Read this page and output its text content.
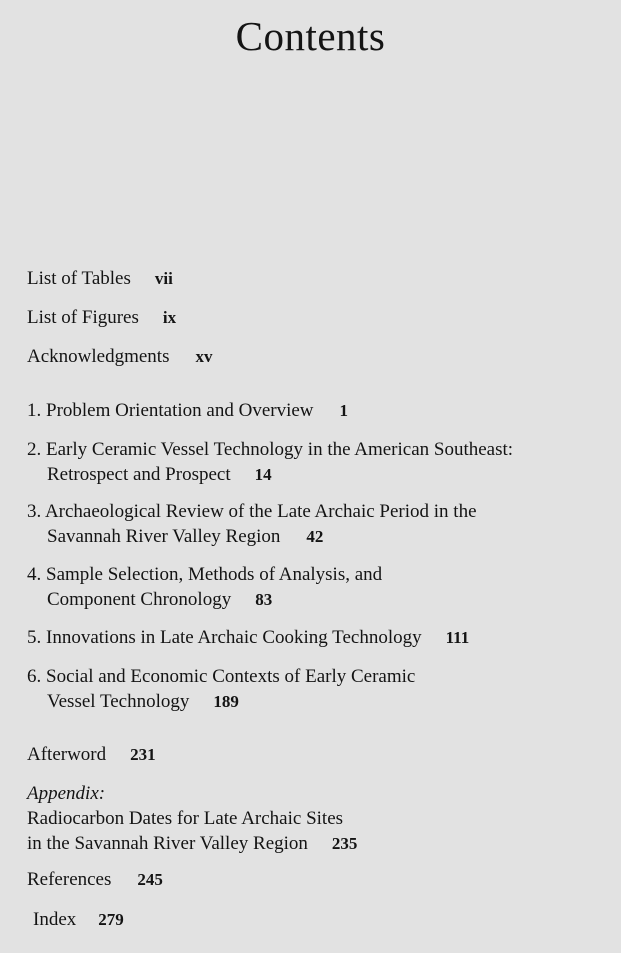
Contents
List of Tables vii
List of Figures ix
Acknowledgments xv
1. Problem Orientation and Overview 1
2. Early Ceramic Vessel Technology in the American Southeast:
Retrospect and Prospect 14
3. Archaeological Review of the Late Archaic Period in the
Savannah River Valley Region 42
4. Sample Selection, Methods of Analysis, and
Component Chronology 83
5. Innovations in Late Archaic Cooking Technology 111
6. Social and Economic Contexts of Early Ceramic
Vessel Technology 189
Afterword 231
Appendix:
Radiocarbon Dates for Late Archaic Sites
in the Savannah River Valley Region 235
References 245
Index 279
